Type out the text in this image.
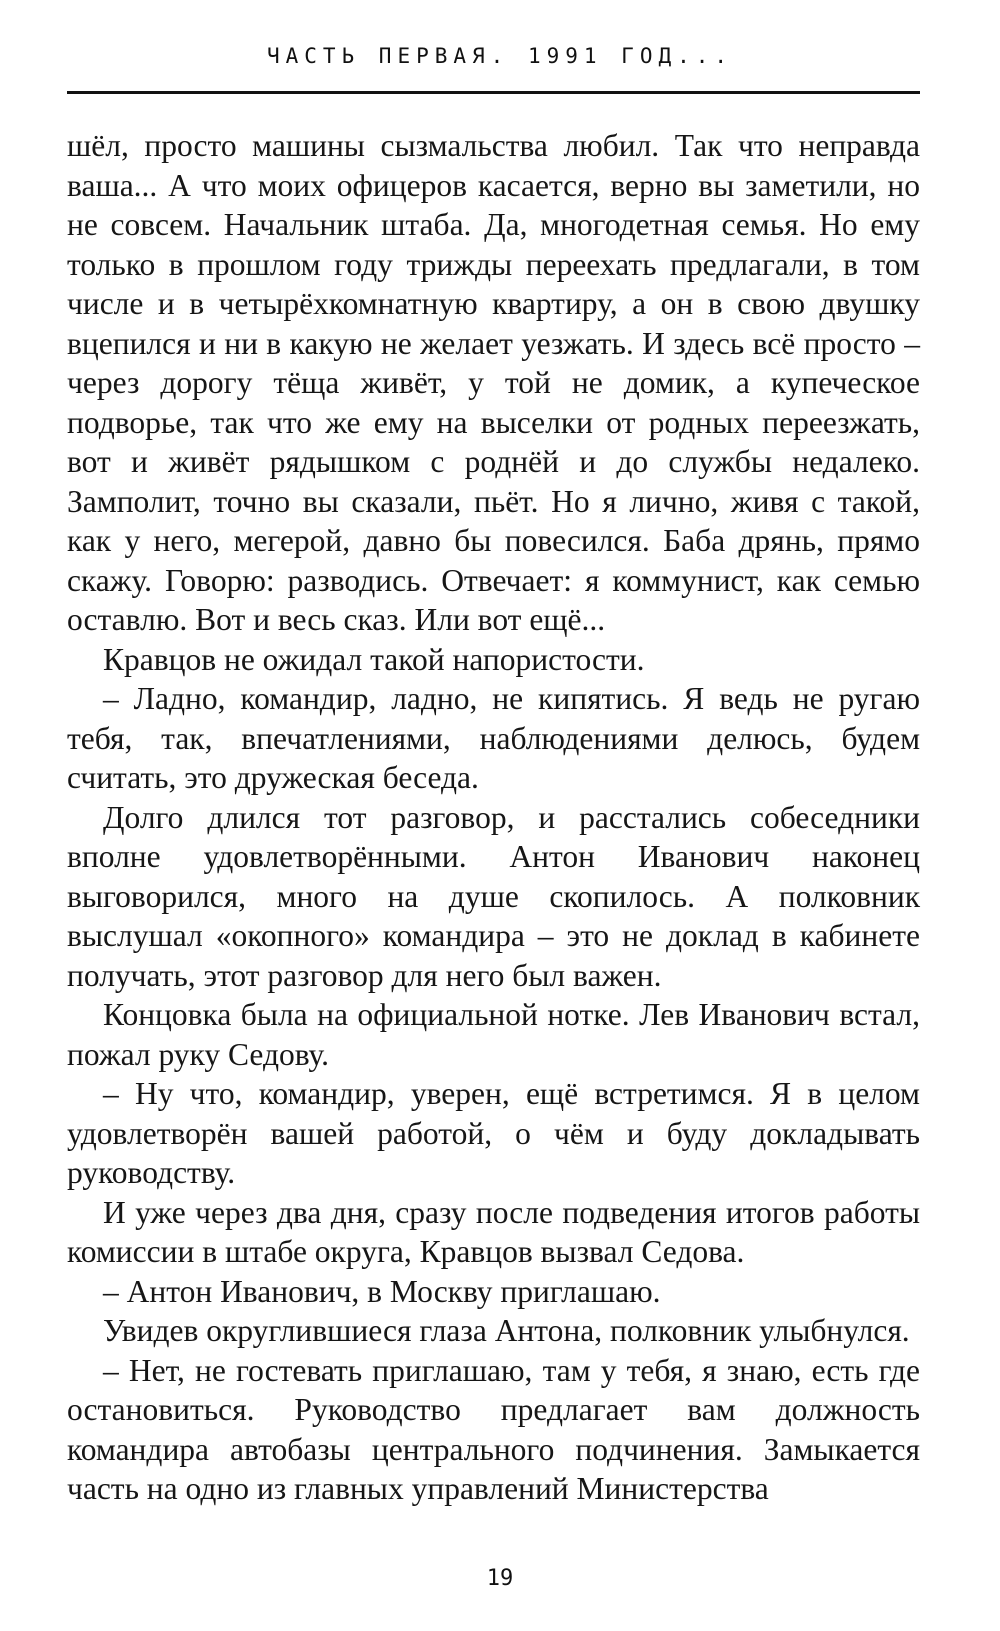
ЧАСТЬ ПЕРВАЯ. 1991 ГОД...

шёл, просто машины сызмальства любил. Так что неправда ваша... А что моих офицеров касается, верно вы заметили, но не совсем. Начальник штаба. Да, многодетная семья. Но ему только в прошлом году трижды переехать предлагали, в том числе и в четырёхкомнатную квартиру, а он в свою двушку вцепился и ни в какую не желает уезжать. И здесь всё просто – через дорогу тёща живёт, у той не домик, а купеческое подворье, так что же ему на выселки от родных переезжать, вот и живёт рядышком с роднёй и до службы недалеко. Замполит, точно вы сказали, пьёт. Но я лично, живя с такой, как у него, мегерой, давно бы повесился. Баба дрянь, прямо скажу. Говорю: разводись. Отвечает: я коммунист, как семью оставлю. Вот и весь сказ. Или вот ещё...

Кравцов не ожидал такой напористости.

– Ладно, командир, ладно, не кипятись. Я ведь не ругаю тебя, так, впечатлениями, наблюдениями делюсь, будем считать, это дружеская беседа.

Долго длился тот разговор, и расстались собеседники вполне удовлетворёнными. Антон Иванович наконец выговорился, много на душе скопилось. А полковник выслушал «окопного» командира – это не доклад в кабинете получать, этот разговор для него был важен.

Концовка была на официальной нотке. Лев Иванович встал, пожал руку Седову.

– Ну что, командир, уверен, ещё встретимся. Я в целом удовлетворён вашей работой, о чём и буду докладывать руководству.

И уже через два дня, сразу после подведения итогов работы комиссии в штабе округа, Кравцов вызвал Седова.

– Антон Иванович, в Москву приглашаю.

Увидев округлившиеся глаза Антона, полковник улыбнулся.

– Нет, не гостевать приглашаю, там у тебя, я знаю, есть где остановиться. Руководство предлагает вам должность командира автобазы центрального подчинения. Замыкается часть на одно из главных управлений Министерства

19
